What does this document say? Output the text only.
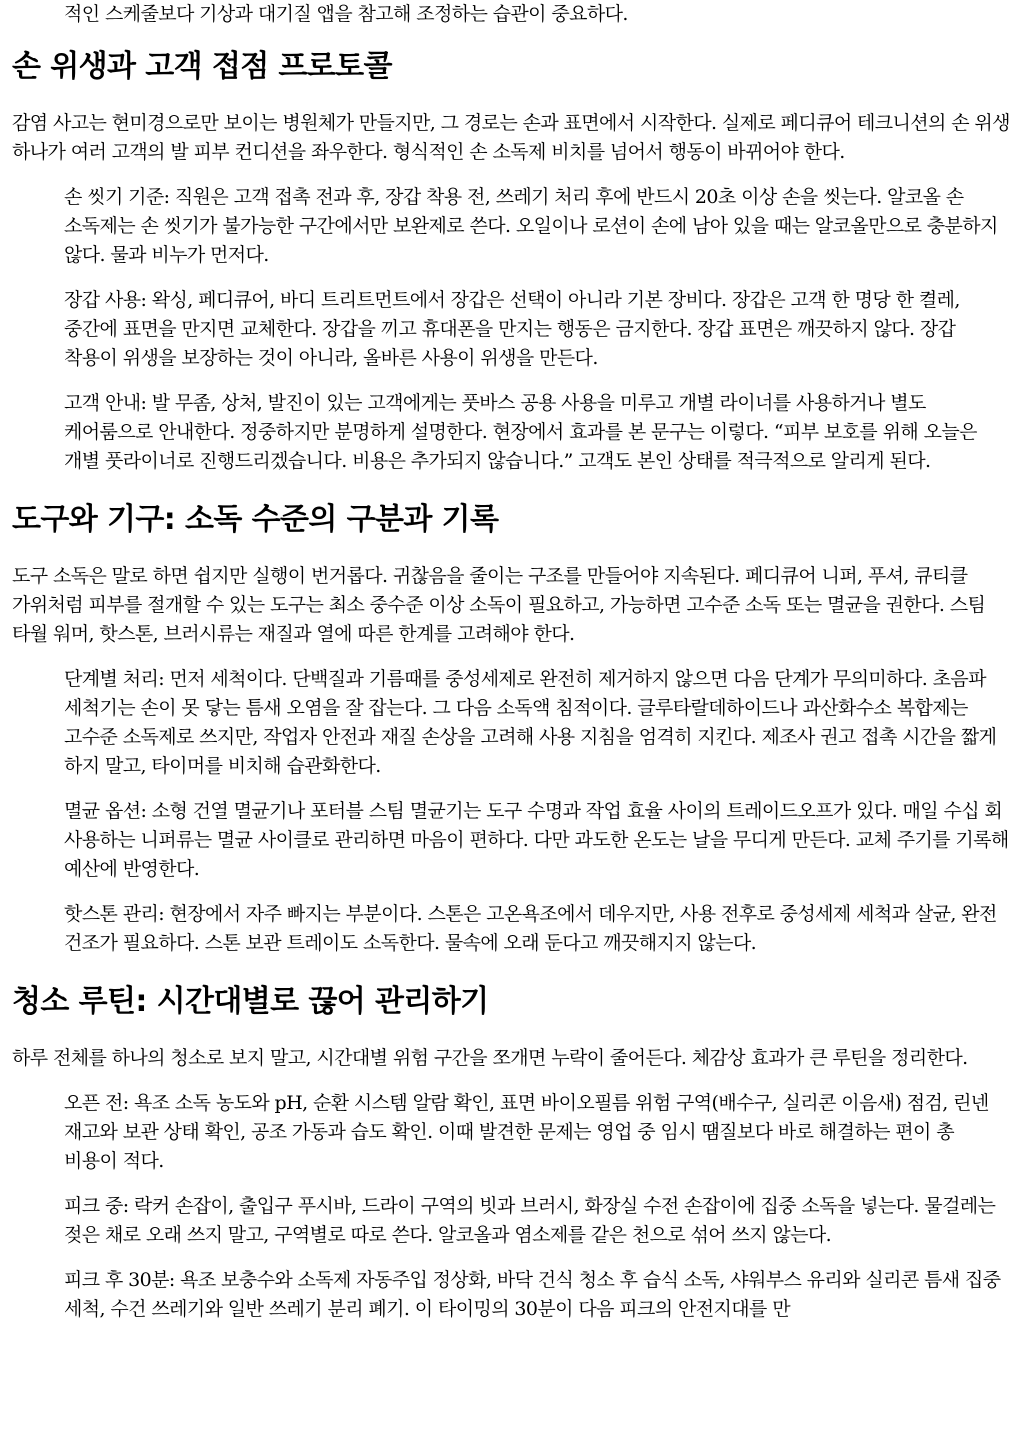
적인 스케줄보다 기상과 대기질 앱을 참고해 조정하는 습관이 중요하다.

손 위생과 고객 접점 프로토콜

감염 사고는 현미경으로만 보이는 병원체가 만들지만, 그 경로는 손과 표면에서 시작한다. 실제로 페디큐어 테크니션의 손 위생 하나가 여러 고객의 발 피부 컨디션을 좌우한다. 형식적인 손 소독제 비치를 넘어서 행동이 바뀌어야 한다.

손 씻기 기준: 직원은 고객 접촉 전과 후, 장갑 착용 전, 쓰레기 처리 후에 반드시 20초 이상 손을 씻는다. 알코올 손 소독제는 손 씻기가 불가능한 구간에서만 보완제로 쓴다. 오일이나 로션이 손에 남아 있을 때는 알코올만으로 충분하지 않다. 물과 비누가 먼저다.

장갑 사용: 왁싱, 페디큐어, 바디 트리트먼트에서 장갑은 선택이 아니라 기본 장비다. 장갑은 고객 한 명당 한 켤레, 중간에 표면을 만지면 교체한다. 장갑을 끼고 휴대폰을 만지는 행동은 금지한다. 장갑 표면은 깨끗하지 않다. 장갑 착용이 위생을 보장하는 것이 아니라, 올바른 사용이 위생을 만든다.

고객 안내: 발 무좀, 상처, 발진이 있는 고객에게는 풋바스 공용 사용을 미루고 개별 라이너를 사용하거나 별도 케어룸으로 안내한다. 정중하지만 분명하게 설명한다. 현장에서 효과를 본 문구는 이렇다. “피부 보호를 위해 오늘은 개별 풋라이너로 진행드리겠습니다. 비용은 추가되지 않습니다.” 고객도 본인 상태를 적극적으로 알리게 된다.

도구와 기구: 소독 수준의 구분과 기록

도구 소독은 말로 하면 쉽지만 실행이 번거롭다. 귀찮음을 줄이는 구조를 만들어야 지속된다. 페디큐어 니퍼, 푸셔, 큐티클 가위처럼 피부를 절개할 수 있는 도구는 최소 중수준 이상 소독이 필요하고, 가능하면 고수준 소독 또는 멸균을 권한다. 스팀 타월 워머, 핫스톤, 브러시류는 재질과 열에 따른 한계를 고려해야 한다.

단계별 처리: 먼저 세척이다. 단백질과 기름때를 중성세제로 완전히 제거하지 않으면 다음 단계가 무의미하다. 초음파 세척기는 손이 못 닿는 틈새 오염을 잘 잡는다. 그 다음 소독액 침적이다. 글루타랄데하이드나 과산화수소 복합제는 고수준 소독제로 쓰지만, 작업자 안전과 재질 손상을 고려해 사용 지침을 엄격히 지킨다. 제조사 권고 접촉 시간을 짧게 하지 말고, 타이머를 비치해 습관화한다.

멸균 옵션: 소형 건열 멸균기나 포터블 스팀 멸균기는 도구 수명과 작업 효율 사이의 트레이드오프가 있다. 매일 수십 회 사용하는 니퍼류는 멸균 사이클로 관리하면 마음이 편하다. 다만 과도한 온도는 날을 무디게 만든다. 교체 주기를 기록해 예산에 반영한다.

핫스톤 관리: 현장에서 자주 빠지는 부분이다. 스톤은 고온욕조에서 데우지만, 사용 전후로 중성세제 세척과 살균, 완전 건조가 필요하다. 스톤 보관 트레이도 소독한다. 물속에 오래 둔다고 깨끗해지지 않는다.

청소 루틴: 시간대별로 끊어 관리하기

하루 전체를 하나의 청소로 보지 말고, 시간대별 위험 구간을 쪼개면 누락이 줄어든다. 체감상 효과가 큰 루틴을 정리한다.

오픈 전: 욕조 소독 농도와 pH, 순환 시스템 알람 확인, 표면 바이오필름 위험 구역(배수구, 실리콘 이음새) 점검, 린넨 재고와 보관 상태 확인, 공조 가동과 습도 확인. 이때 발견한 문제는 영업 중 임시 땜질보다 바로 해결하는 편이 총 비용이 적다.

피크 중: 락커 손잡이, 출입구 푸시바, 드라이 구역의 빗과 브러시, 화장실 수전 손잡이에 집중 소독을 넣는다. 물걸레는 젖은 채로 오래 쓰지 말고, 구역별로 따로 쓴다. 알코올과 염소제를 같은 천으로 섞어 쓰지 않는다.

피크 후 30분: 욕조 보충수와 소독제 자동주입 정상화, 바닥 건식 청소 후 습식 소독, 샤워부스 유리와 실리콘 틈새 집중 세척, 수건 쓰레기와 일반 쓰레기 분리 폐기. 이 타이밍의 30분이 다음 피크의 안전지대를 만
